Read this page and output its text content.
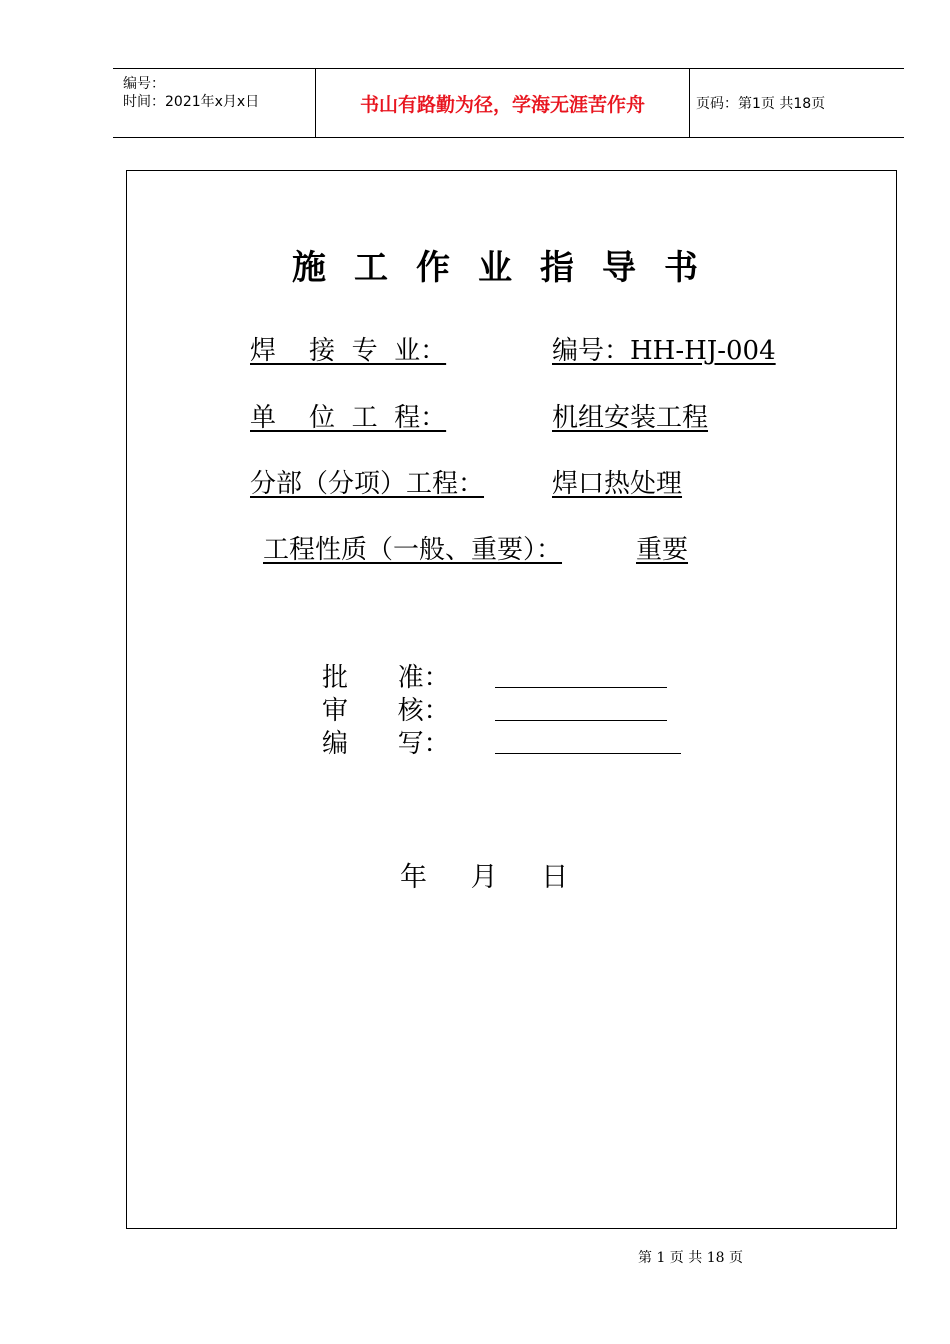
编号：
时间：2021年x月x日	书山有路勤为径，学海无涯苦作舟	页码：第1页 共18页
施工作业指导书
焊    接  专  业：	编号：HH-HJ-004
单    位  工  程：	机组安装工程
分部（分项）工程：	焊口热处理
工程性质（一般、重要）：	重要
批      准：
审      核：
编      写：
年 月 日
第 1 页 共 18 页
